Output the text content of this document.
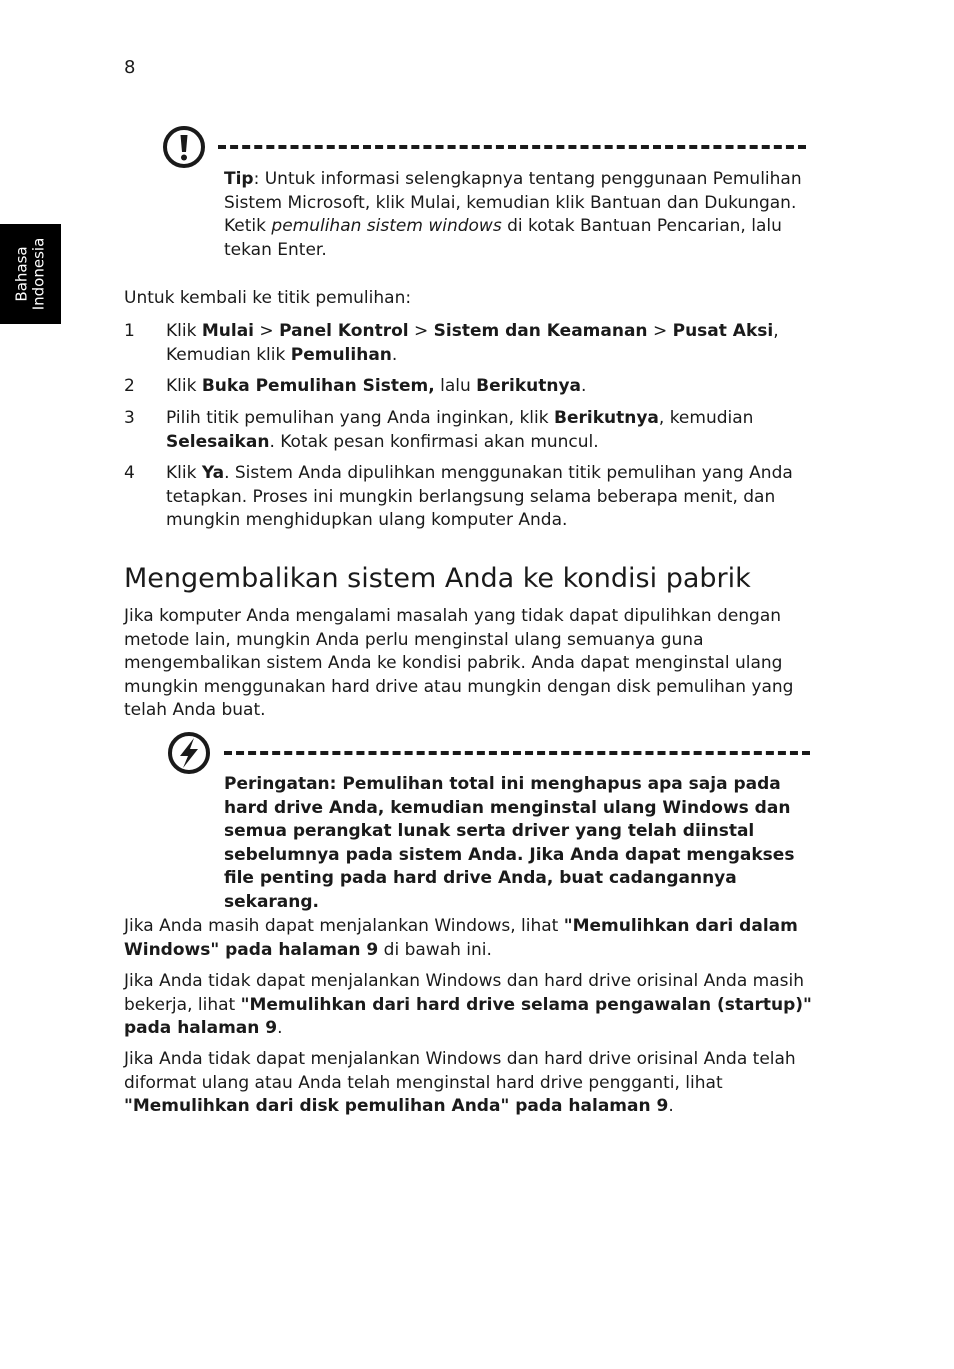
8
Bahasa Indonesia
Tip: Untuk informasi selengkapnya tentang penggunaan Pemulihan Sistem Microsoft, klik Mulai, kemudian klik Bantuan dan Dukungan. Ketik pemulihan sistem windows di kotak Bantuan Pencarian, lalu tekan Enter.
Untuk kembali ke titik pemulihan:
1	Klik Mulai > Panel Kontrol > Sistem dan Keamanan > Pusat Aksi, Kemudian klik Pemulihan.
2	Klik Buka Pemulihan Sistem, lalu Berikutnya.
3	Pilih titik pemulihan yang Anda inginkan, klik Berikutnya, kemudian Selesaikan. Kotak pesan konfirmasi akan muncul.
4	Klik Ya. Sistem Anda dipulihkan menggunakan titik pemulihan yang Anda tetapkan. Proses ini mungkin berlangsung selama beberapa menit, dan mungkin menghidupkan ulang komputer Anda.
Mengembalikan sistem Anda ke kondisi pabrik
Jika komputer Anda mengalami masalah yang tidak dapat dipulihkan dengan metode lain, mungkin Anda perlu menginstal ulang semuanya guna mengembalikan sistem Anda ke kondisi pabrik. Anda dapat menginstal ulang mungkin menggunakan hard drive atau mungkin dengan disk pemulihan yang telah Anda buat.
Peringatan: Pemulihan total ini menghapus apa saja pada hard drive Anda, kemudian menginstal ulang Windows dan semua perangkat lunak serta driver yang telah diinstal sebelumnya pada sistem Anda. Jika Anda dapat mengakses file penting pada hard drive Anda, buat cadangannya sekarang.
Jika Anda masih dapat menjalankan Windows, lihat "Memulihkan dari dalam Windows" pada halaman 9 di bawah ini.
Jika Anda tidak dapat menjalankan Windows dan hard drive orisinal Anda masih bekerja, lihat "Memulihkan dari hard drive selama pengawalan (startup)" pada halaman 9.
Jika Anda tidak dapat menjalankan Windows dan hard drive orisinal Anda telah diformat ulang atau Anda telah menginstal hard drive pengganti, lihat "Memulihkan dari disk pemulihan Anda" pada halaman 9.
